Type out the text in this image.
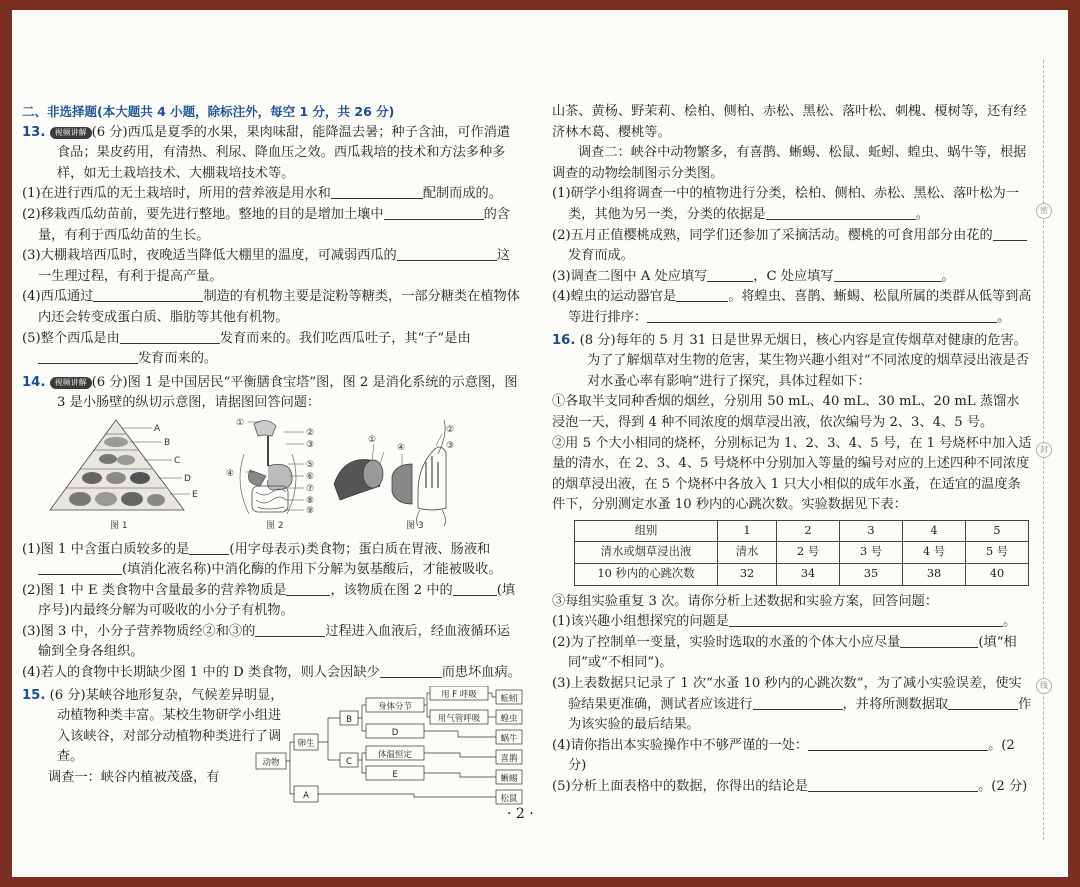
密
封
线

二、非选择题(本大题共 4 小题，除标注外，每空 1 分，共 26 分)

13. 视频讲解 (6 分)西瓜是夏季的水果，果肉味甜，能降温去暑；种子含油，可作消遣食品；果皮药用，有清热、利尿、降血压之效。西瓜栽培的技术和方法多种多样，如无土栽培技术、大棚栽培技术等。

(1)在进行西瓜的无土栽培时，所用的营养液是用水和	配制而成的。

(2)移栽西瓜幼苗前，要先进行整地。整地的目的是增加土壤中	的含量，有利于西瓜幼苗的生长。

(3)大棚栽培西瓜时，夜晚适当降低大棚里的温度，可减弱西瓜的	这一生理过程，有利于提高产量。

(4)西瓜通过	制造的有机物主要是淀粉等糖类，一部分糖类在植物体内还会转变成蛋白质、脂肪等其他有机物。

(5)整个西瓜是由	发育而来的。我们吃西瓜吐子，其“子”是由发育而来的。

14. 视频讲解 (6 分)图 1 是中国居民“平衡膳食宝塔”图，图 2 是消化系统的示意图，图 3 是小肠壁的纵切示意图，请据图回答问题：

A
B
C
D
E
图 1
①
④
②
③
⑤
⑥
⑦
⑧
⑨
图 2
①
②
③
④
图 3

(1)图 1 中含蛋白质较多的是	(用字母表示)类食物；蛋白质在胃液、肠液和(填消化液名称)中消化酶的作用下分解为氨基酸后，才能被吸收。

(2)图 1 中 E 类食物中含量最多的营养物质是	，该物质在图 2 中的	(填序号)内最终分解为可吸收的小分子有机物。

(3)图 3 中，小分子营养物质经②和③的	过程进入血液后，经血液循环运输到全身各组织。

(4)若人的食物中长期缺少图 1 中的 D 类食物，则人会因缺少	而患坏血病。

15. (6 分)某峡谷地形复杂，气候差异明显，动植物种类丰富。某校生物研学小组进入该峡谷，对部分动植物种类进行了调查。

调查一：峡谷内植被茂盛，有

动物
卵生
A
B
C
身体分节
D
体温恒定
E
用 F 呼吸
用气管呼吸
蚯蚓
蝗虫
蜗牛
喜鹊
蜥蜴
松鼠

山茶、黄杨、野茉莉、桧柏、侧柏、赤松、黑松、落叶松、刺槐、榎树等，还有经济林木葛、樱桃等。

调查二：峡谷中动物繁多，有喜鹊、蜥蜴、松鼠、蚯蚓、蝗虫、蜗牛等，根据调查的动物绘制图示分类图。

(1)研学小组将调查一中的植物进行分类，桧柏、侧柏、赤松、黑松、落叶松为一类，其他为另一类，分类的依据是	。

(2)五月正值樱桃成熟，同学们还参加了采摘活动。樱桃的可食用部分由花的发育而成。

(3)调查二图中 A 处应填写	，C 处应填写	。

(4)蝗虫的运动器官是	。将蝗虫、喜鹊、蜥蜴、松鼠所属的类群从低等到高等进行排序：	。

16. (8 分)每年的 5 月 31 日是世界无烟日，核心内容是宣传烟草对健康的危害。为了了解烟草对生物的危害，某生物兴趣小组对“不同浓度的烟草浸出液是否对水蚤心率有影响”进行了探究，具体过程如下：

①各取半支同种香烟的烟丝，分别用 50 mL、40 mL、30 mL、20 mL 蒸馏水浸泡一天，得到 4 种不同浓度的烟草浸出液，依次编号为 2、3、4、5 号。

②用 5 个大小相同的烧杯，分别标记为 1、2、3、4、5 号，在 1 号烧杯中加入适量的清水，在 2、3、4、5 号烧杯中分别加入等量的编号对应的上述四种不同浓度的烟草浸出液，在 5 个烧杯中各放入 1 只大小相似的成年水蚤，在适宜的温度条件下，分别测定水蚤 10 秒内的心跳次数。实验数据见下表：

组别	1	2	3	4	5
清水或烟草浸出液	清水	2 号	3 号	4 号	5 号
10 秒内的心跳次数	32	34	35	38	40

③每组实验重复 3 次。请你分析上述数据和实验方案，回答问题：

(1)该兴趣小组想探究的问题是	。

(2)为了控制单一变量，实验时选取的水蚤的个体大小应尽量	(填“相同”或“不相同”)。

(3)上表数据只记录了 1 次“水蚤 10 秒内的心跳次数”，为了减小实验误差，使实验结果更准确，测试者应该进行	，并将所测数据取	作为该实验的最后结果。

(4)请你指出本实验操作中不够严谨的一处：	。(2 分)

(5)分析上面表格中的数据，你得出的结论是	。(2 分)

· 2 ·
